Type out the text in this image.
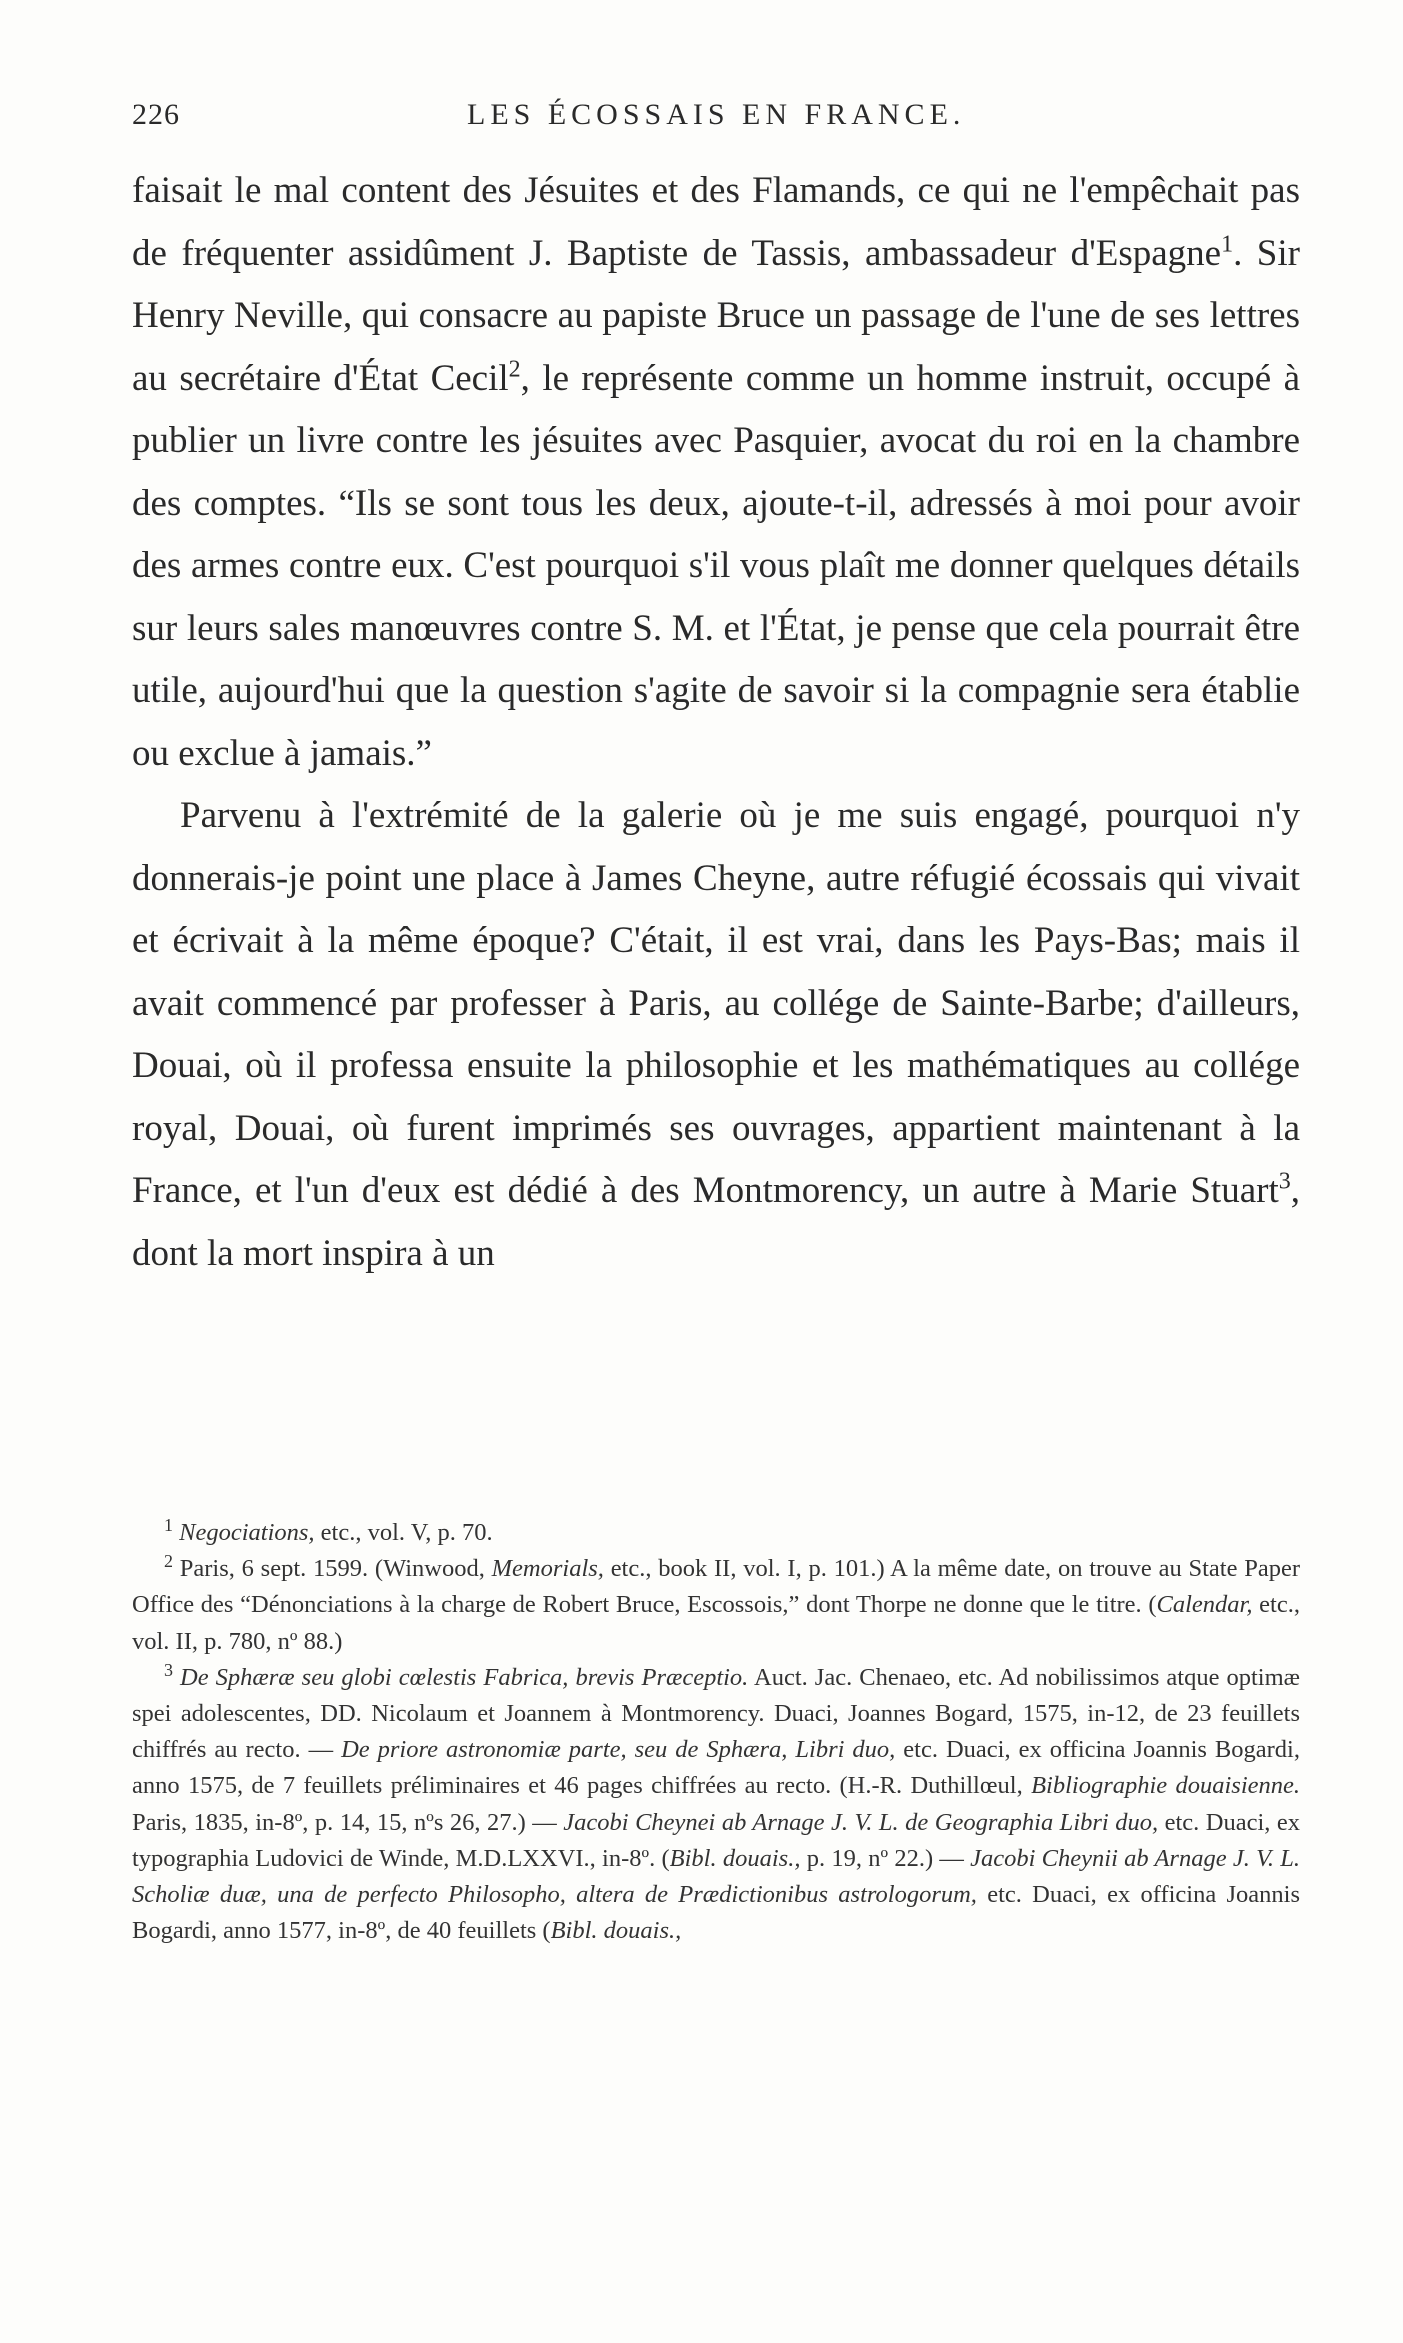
226	LES ÉCOSSAIS EN FRANCE.

faisait le mal content des Jésuites et des Flamands, ce qui ne l'empêchait pas de fréquenter assidûment J. Baptiste de Tassis, ambassadeur d'Espagne$^1$. Sir Henry Neville, qui consacre au papiste Bruce un passage de l'une de ses lettres au secrétaire d'État Cecil$^2$, le représente comme un homme instruit, occupé à publier un livre contre les jésuites avec Pasquier, avocat du roi en la chambre des comptes. “Ils se sont tous les deux, ajoute-t-il, adressés à moi pour avoir des armes contre eux. C'est pourquoi s'il vous plaît me donner quelques détails sur leurs sales manœuvres contre S. M. et l'État, je pense que cela pourrait être utile, aujourd'hui que la question s'agite de savoir si la compagnie sera établie ou exclue à jamais.”

Parvenu à l'extrémité de la galerie où je me suis engagé, pourquoi n'y donnerais-je point une place à James Cheyne, autre réfugié écossais qui vivait et écrivait à la même époque? C'était, il est vrai, dans les Pays-Bas; mais il avait commencé par professer à Paris, au collége de Sainte-Barbe; d'ailleurs, Douai, où il professa ensuite la philosophie et les mathématiques au collége royal, Douai, où furent imprimés ses ouvrages, appartient maintenant à la France, et l'un d'eux est dédié à des Montmorency, un autre à Marie Stuart$^3$, dont la mort inspira à un

$^1$ Negociations, etc., vol. V, p. 70.

$^2$ Paris, 6 sept. 1599. (Winwood, Memorials, etc., book II, vol. I, p. 101.) A la même date, on trouve au State Paper Office des “Dénonciations à la charge de Robert Bruce, Escossois,” dont Thorpe ne donne que le titre. (Calendar, etc., vol. II, p. 780, nº 88.)

$^3$ De Sphæræ seu globi cœlestis Fabrica, brevis Præceptio. Auct. Jac. Chenaeo, etc. Ad nobilissimos atque optimæ spei adolescentes, DD. Nicolaum et Joannem à Montmorency. Duaci, Joannes Bogard, 1575, in-12, de 23 feuillets chiffrés au recto. — De priore astronomiæ parte, seu de Sphæra, Libri duo, etc. Duaci, ex officina Joannis Bogardi, anno 1575, de 7 feuillets préliminaires et 46 pages chiffrées au recto. (H.-R. Duthillœul, Bibliographie douaisienne. Paris, 1835, in-8º, p. 14, 15, nºs 26, 27.) — Jacobi Cheynei ab Arnage J. V. L. de Geographia Libri duo, etc. Duaci, ex typographia Ludovici de Winde, M.D.LXXVI., in-8º. (Bibl. douais., p. 19, nº 22.) — Jacobi Cheynii ab Arnage J. V. L. Scholiæ duæ, una de perfecto Philosopho, altera de Prædictionibus astrologorum, etc. Duaci, ex officina Joannis Bogardi, anno 1577, in-8º, de 40 feuillets (Bibl. douais.,
